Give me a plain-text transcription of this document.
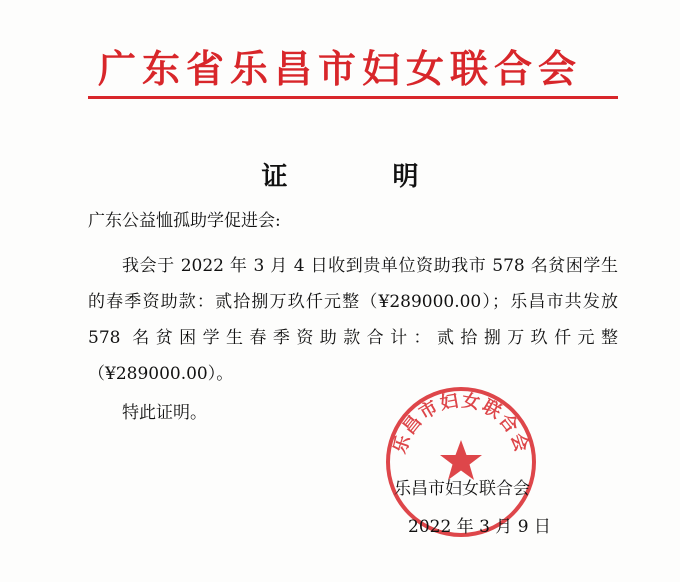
广东省乐昌市妇女联合会
证 明
广东公益恤孤助学促进会:
我会于 2022 年 3 月 4 日收到贵单位资助我市 578 名贫困学生的春季资助款：贰拾捌万玖仟元整（¥289000.00）；乐昌市共发放 578 名贫困学生春季资助款合计：贰拾捌万玖仟元整（¥289000.00）。
特此证明。
乐昌市妇女联合会
乐昌市妇女联合会
2022 年 3 月 9 日
